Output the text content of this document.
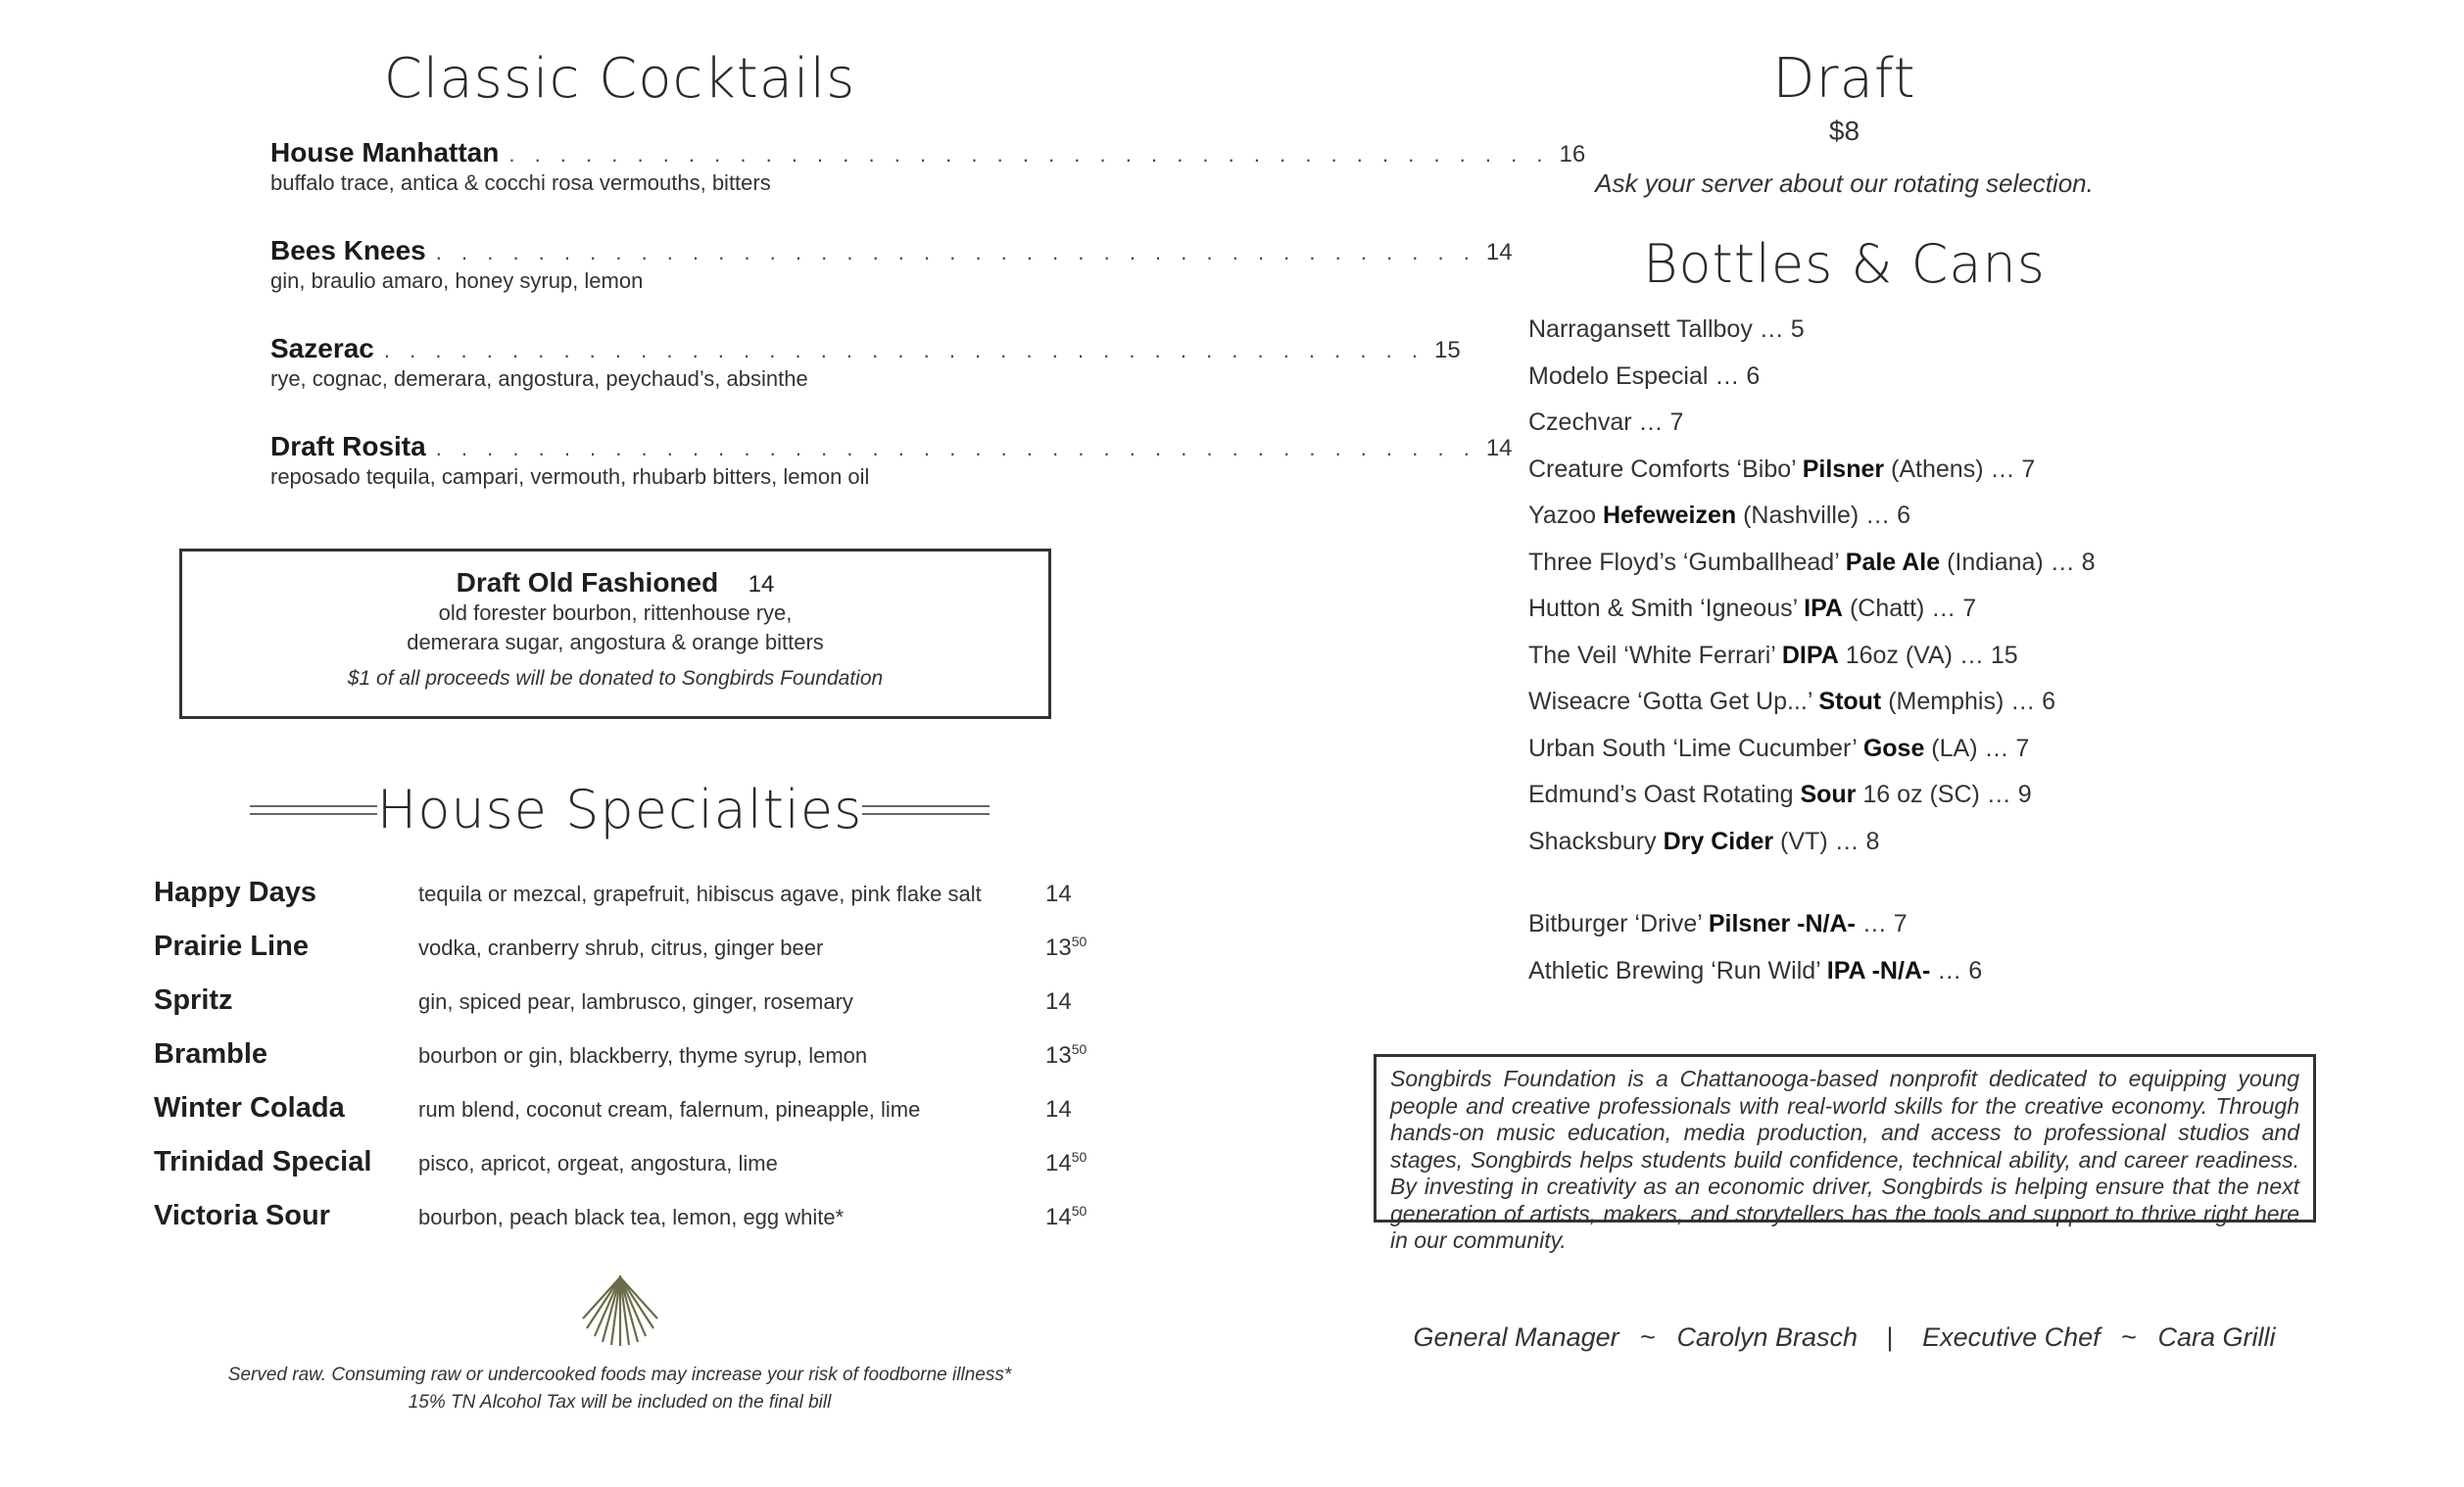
Classic Cocktails
House Manhattan . . . . . . . . . . . . . . . . . . . . . . . . . . . . . . . . . . . . . . . . . 16
buffalo trace, antica & cocchi rosa vermouths, bitters
Bees Knees . . . . . . . . . . . . . . . . . . . . . . . . . . . . . . . . . . . . . . . . . 14
gin, braulio amaro, honey syrup, lemon
Sazerac . . . . . . . . . . . . . . . . . . . . . . . . . . . . . . . . . . . . . . . . . 15
rye, cognac, demerara, angostura, peychaud’s, absinthe
Draft Rosita . . . . . . . . . . . . . . . . . . . . . . . . . . . . . . . . . . . . . . . . . 14
reposado tequila, campari, vermouth, rhubarb bitters, lemon oil
Draft Old Fashioned 14
old forester bourbon, rittenhouse rye,
demerara sugar, angostura & orange bitters
$1 of all proceeds will be donated to Songbirds Foundation
House Specialties
Happy Days	tequila or mezcal, grapefruit, hibiscus agave, pink flake salt	14
Prairie Line	vodka, cranberry shrub, citrus, ginger beer	$13^{50}$
Spritz	gin, spiced pear, lambrusco, ginger, rosemary	14
Bramble	bourbon or gin, blackberry, thyme syrup, lemon	$13^{50}$
Winter Colada	rum blend, coconut cream, falernum, pineapple, lime	14
Trinidad Special	pisco, apricot, orgeat, angostura, lime	$14^{50}$
Victoria Sour	bourbon, peach black tea, lemon, egg white*	$14^{50}$
Served raw. Consuming raw or undercooked foods may increase your risk of foodborne illness*
15% TN Alcohol Tax will be included on the final bill
Draft
$8
Ask your server about our rotating selection.
Bottles & Cans
Narragansett Tallboy … 5
Modelo Especial … 6
Czechvar … 7
Creature Comforts ‘Bibo’ Pilsner (Athens) … 7
Yazoo Hefeweizen (Nashville) … 6
Three Floyd’s ‘Gumballhead’ Pale Ale (Indiana) … 8
Hutton & Smith ‘Igneous’ IPA (Chatt) … 7
The Veil ‘White Ferrari’ DIPA 16oz (VA) … 15
Wiseacre ‘Gotta Get Up...’ Stout (Memphis) … 6
Urban South ‘Lime Cucumber’ Gose (LA) … 7
Edmund’s Oast Rotating Sour 16 oz (SC) … 9
Shacksbury Dry Cider (VT) … 8
Bitburger ‘Drive’ Pilsner -N/A- … 7
Athletic Brewing ‘Run Wild’ IPA -N/A- … 6
Songbirds Foundation is a Chattanooga-based nonprofit dedicated to equipping young people and creative professionals with real-world skills for the creative economy. Through hands-on music education, media production, and access to professional studios and stages, Songbirds helps students build confidence, technical ability, and career readiness. By investing in creativity as an economic driver, Songbirds is helping ensure that the next generation of artists, makers, and storytellers has the tools and support to thrive right here in our community.
General Manager ~ Carolyn Brasch | Executive Chef ~ Cara Grilli
